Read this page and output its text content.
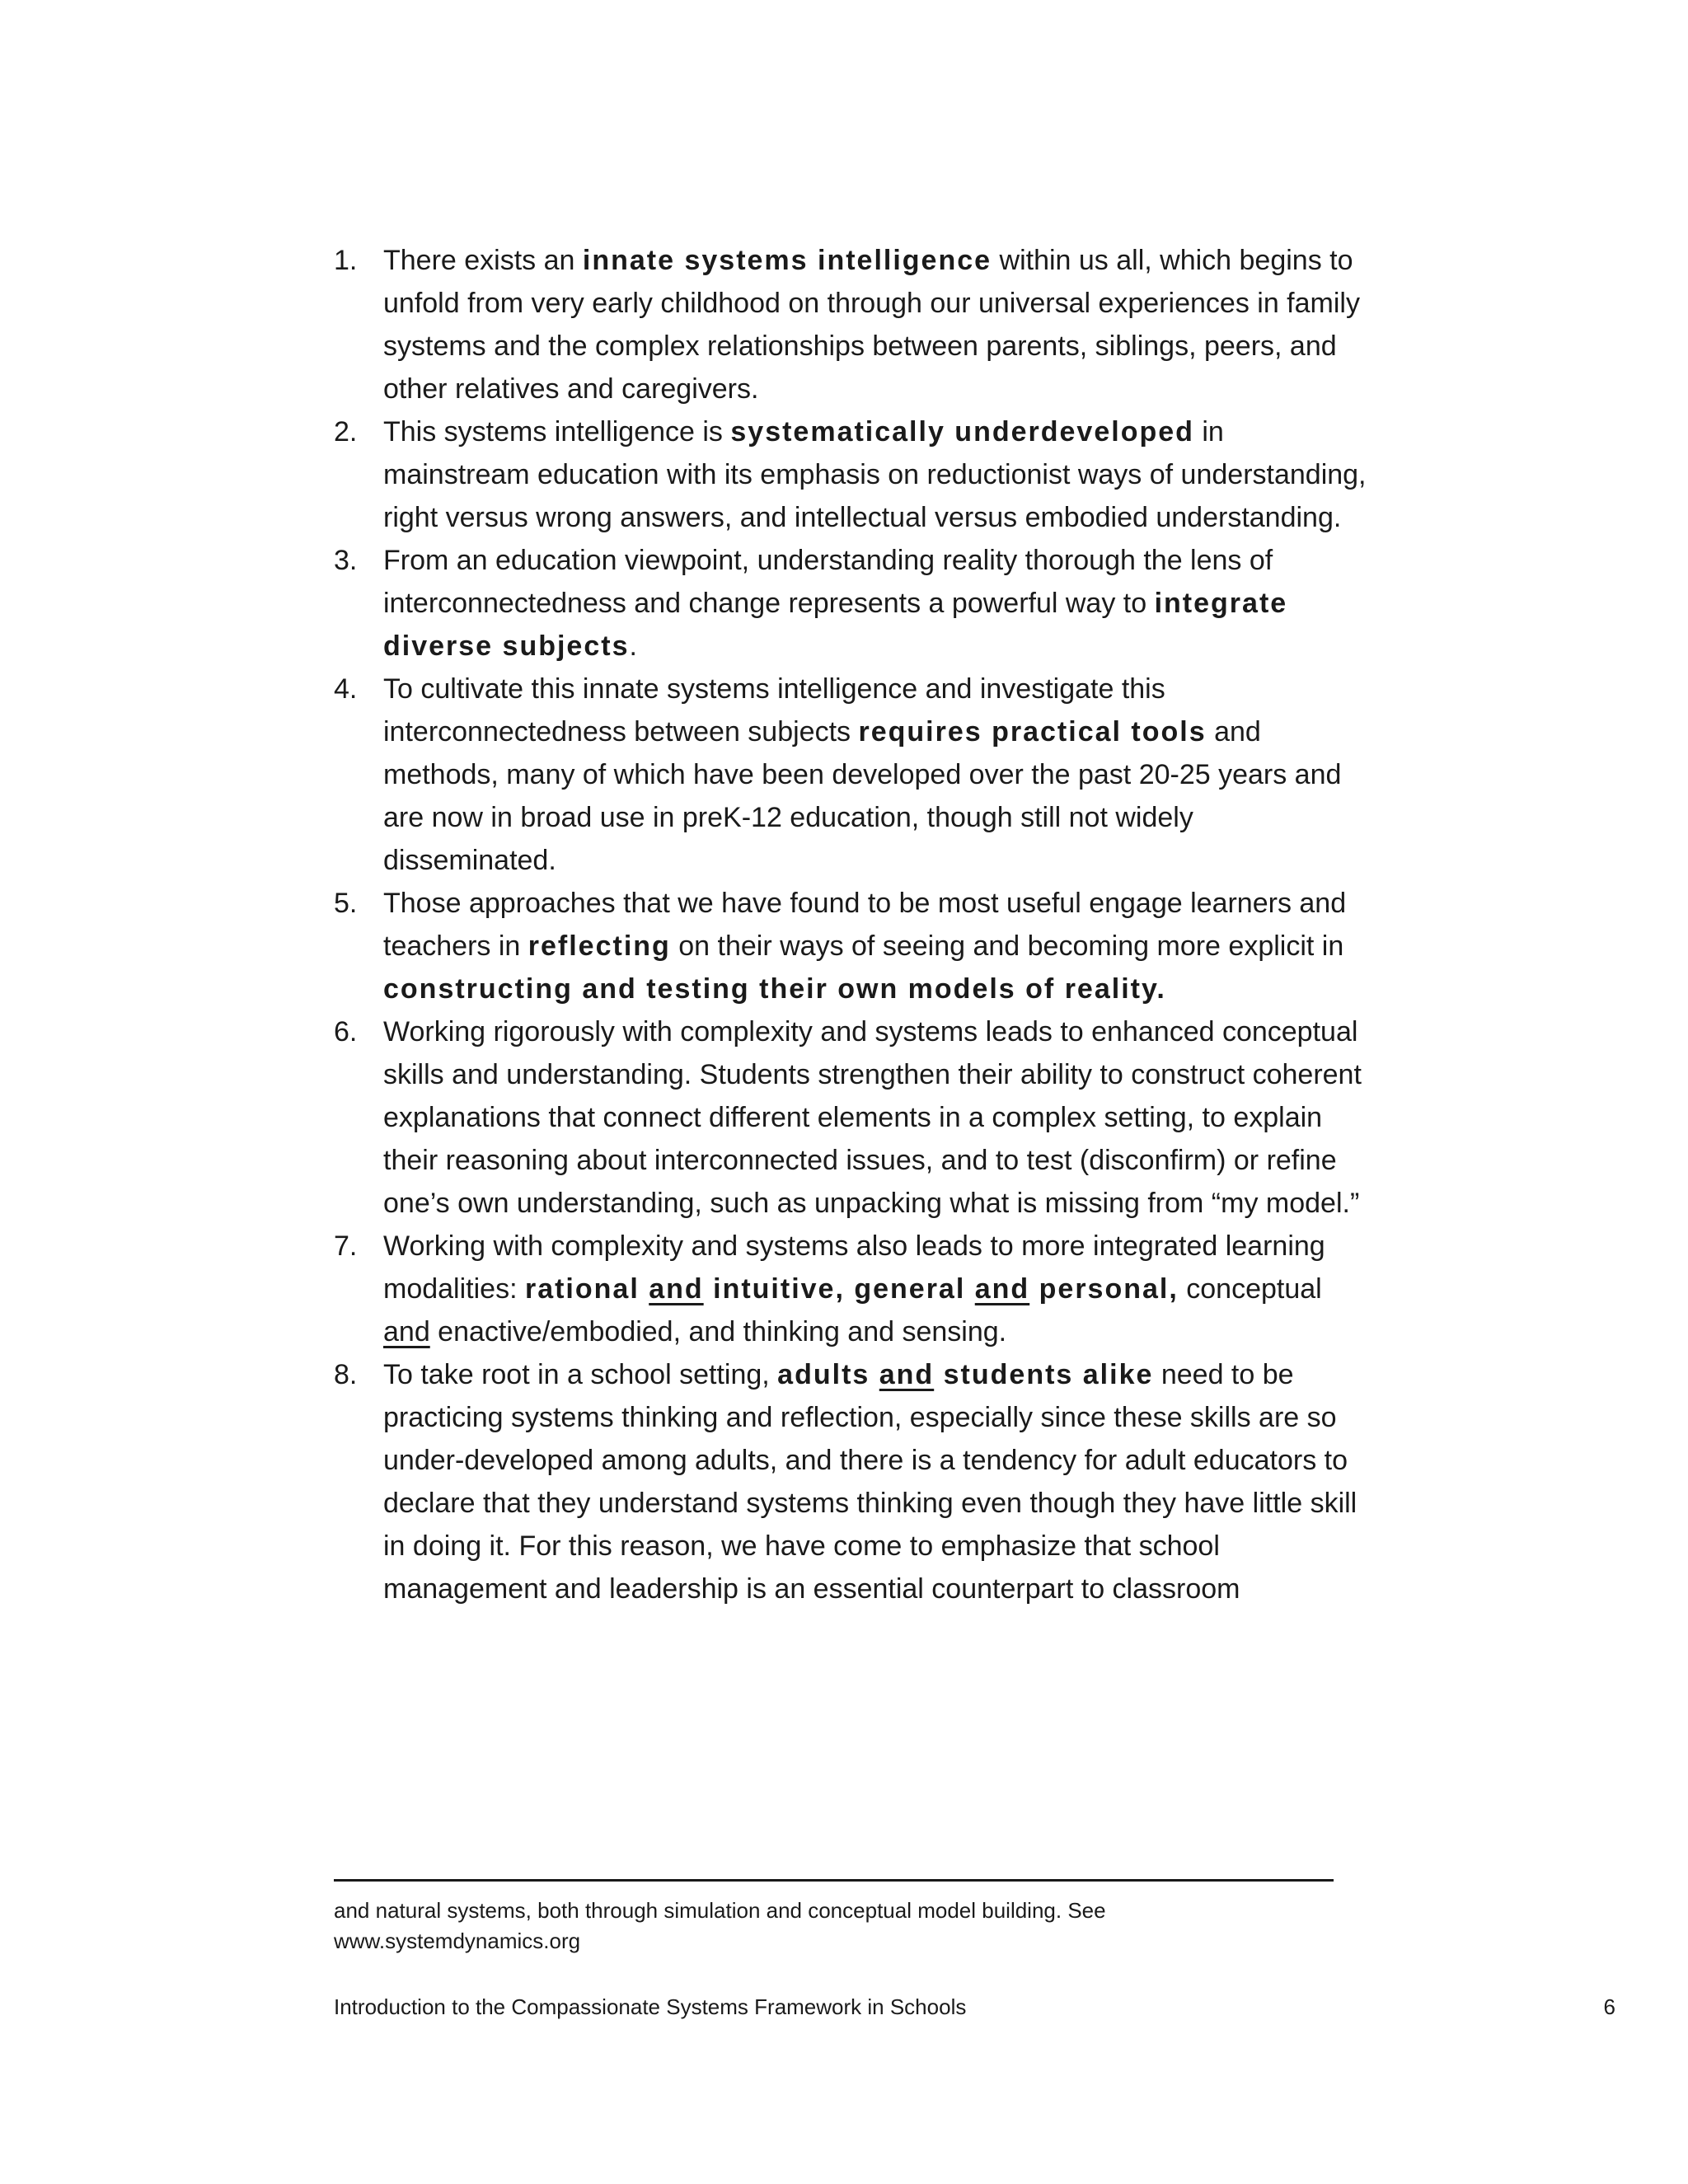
1. There exists an innate systems intelligence within us all, which begins to unfold from very early childhood on through our universal experiences in family systems and the complex relationships between parents, siblings, peers, and other relatives and caregivers.
2. This systems intelligence is systematically underdeveloped in mainstream education with its emphasis on reductionist ways of understanding, right versus wrong answers, and intellectual versus embodied understanding.
3. From an education viewpoint, understanding reality thorough the lens of interconnectedness and change represents a powerful way to integrate diverse subjects.
4. To cultivate this innate systems intelligence and investigate this interconnectedness between subjects requires practical tools and methods, many of which have been developed over the past 20-25 years and are now in broad use in preK-12 education, though still not widely disseminated.
5. Those approaches that we have found to be most useful engage learners and teachers in reflecting on their ways of seeing and becoming more explicit in constructing and testing their own models of reality.
6. Working rigorously with complexity and systems leads to enhanced conceptual skills and understanding. Students strengthen their ability to construct coherent explanations that connect different elements in a complex setting, to explain their reasoning about interconnected issues, and to test (disconfirm) or refine one’s own understanding, such as unpacking what is missing from “my model.”
7. Working with complexity and systems also leads to more integrated learning modalities: rational and intuitive, general and personal, conceptual and enactive/embodied, and thinking and sensing.
8. To take root in a school setting, adults and students alike need to be practicing systems thinking and reflection, especially since these skills are so under-developed among adults, and there is a tendency for adult educators to declare that they understand systems thinking even though they have little skill in doing it. For this reason, we have come to emphasize that school management and leadership is an essential counterpart to classroom
and natural systems, both through simulation and conceptual model building. See www.systemdynamics.org
Introduction to the Compassionate Systems Framework in Schools	6
